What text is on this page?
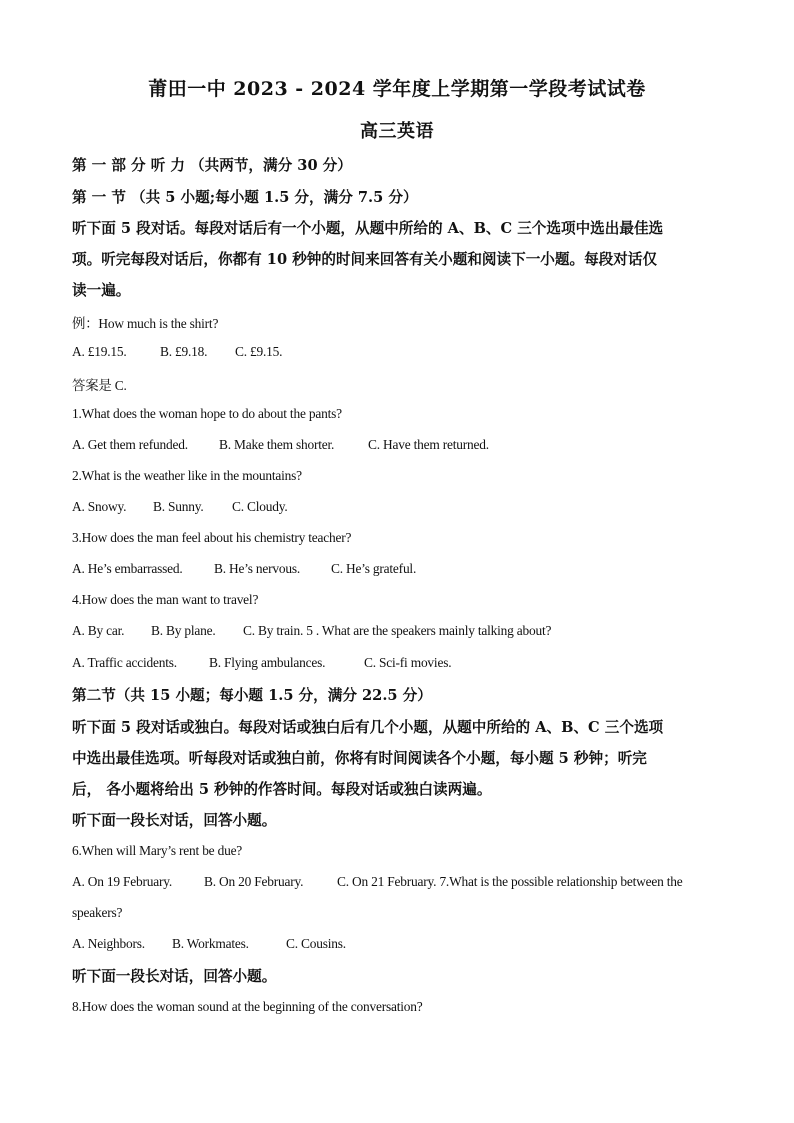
莆田一中 2023 - 2024 学年度上学期第一学段考试试卷
高三英语
第 一 部 分 听 力 （共两节，满分 30 分）
第 一 节 （共 5 小题;每小题 1.5 分，满分 7.5 分）
听下面 5 段对话。每段对话后有一个小题，从题中所给的 A、B、C 三个选项中选出最佳选
项。听完每段对话后，你都有 10 秒钟的时间来回答有关小题和阅读下一小题。每段对话仅
读一遍。
例：How much is the shirt?
A. £19.15. B. £9.18. C. £9.15.
答案是 C.
1.What does the woman hope to do about the pants?
A. Get them refunded. B. Make them shorter.	C. Have them returned.
2.What is the weather like in the mountains?
A. Snowy. B. Sunny. C. Cloudy.
3.How does the man feel about his chemistry teacher?
A. He’s embarrassed. B. He’s nervous. C. He’s grateful.
4.How does the man want to travel?
A. By car. B. By plane. C. By train. 5 . What are the speakers mainly talking about?
A. Traffic accidents. B. Flying ambulances.	C. Sci-fi movies.
第二节（共 15 小题；每小题 1.5 分，满分 22.5 分）
听下面 5 段对话或独白。每段对话或独白后有几个小题，从题中所给的 A、B、C 三个选项
中选出最佳选项。听每段对话或独白前，你将有时间阅读各个小题，每小题 5 秒钟；听完
后， 各小题将给出 5 秒钟的作答时间。每段对话或独白读两遍。
听下面一段长对话，回答小题。
6.When will Mary’s rent be due?
A. On 19 February. B. On 20 February.	C. On 21 February. 7.What is the possible relationship between the
speakers?
A. Neighbors. B. Workmates.	C. Cousins.
听下面一段长对话，回答小题。
8.How does the woman sound at the beginning of the conversation?
